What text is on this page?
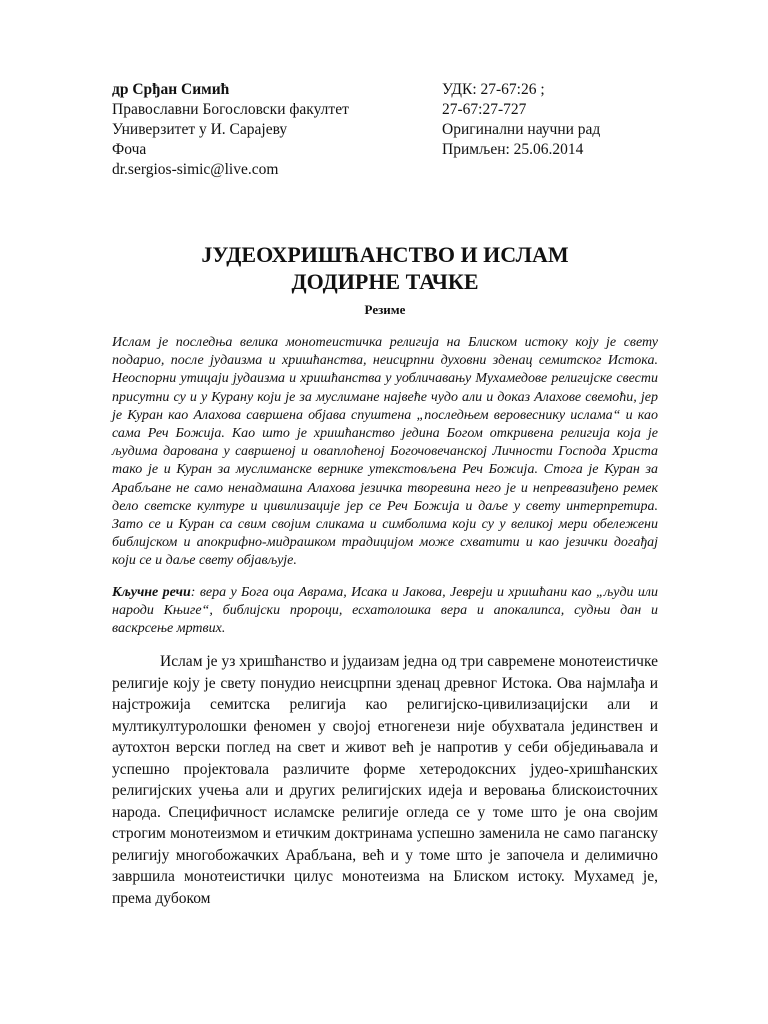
др Срђан Симић
Православни Богословски факултет
Универзитет у И. Сарајеву
Фоча
dr.sergios-simic@live.com
УДК: 27-67:26 ;
27-67:27-727
Оригинални научни рад
Примљен: 25.06.2014
ЈУДЕОХРИШЋАНСТВО И ИСЛАМ
ДОДИРНЕ ТАЧКЕ
Резиме

Ислам је последња велика монотеистичка религија на Блиском истоку коју је свету подарио, после јудаизма и хришћанства, неисцрпни духовни зденац семитског Истока. Неоспорни утицаји јудаизма и хришћанства у уобличавању Мухамедове религијске свести присутни су и у Курану који је за муслимане највеће чудо али и доказ Алахове свемоћи, јер је Куран као Алахова савршена објава спуштена „последњем веровеснику ислама“ и као сама Реч Божија. Као што је хришћанство једина Богом откривена религија која је људима дарована у савршеној и оваплоћеној Богочовечанској Личности Господа Христа тако је и Куран за муслиманске вернике утекстовљена Реч Божија. Стога је Куран за Арабљане не само ненадмашна Алахова језичка творевина него је и непревазиђено ремек дело светске културе и цивилизације јер се Реч Божија и даље у свету интерпретира. Зато се и Куран са свим својим сликама и симболима који су у великој мери обележени библијском и апокрифно-мидрашком традицијом може схватити и као језички догађај који се и даље свету објављује.

Кључне речи: вера у Бога оца Аврама, Исака и Јакова, Јевреји и хришћани као „људи или народи Књиге“, библијски пророци, есхатолошка вера и апокалипса, судњи дан и васкрсење мртвих.

Ислам је уз хришћанство и јудаизам једна од три савремене монотеистичке религије коју је свету понудио неисцрпни зденац древног Истока. Ова најмлађа и најстрожија семитска религија као религијско-цивилизацијски али и мултикултуролошки феномен у својој етногенези није обухватала јединствен и аутохтон верски поглед на свет и живот већ је напротив у себи обједињавала и успешно пројектовала различите форме хетеродоксних јудео-хришћанских религијских учења али и других религијских идеја и веровања блискоисточних народа. Специфичност исламске религије огледа се у томе што је она својим строгим монотеизмом и етичким доктринама успешно заменила не само паганску религију многобожачких Арабљана, већ и у томе што је започела и делимично завршила монотеистички цилус монотеизма на Блиском истоку. Мухамед је, према дубоком
